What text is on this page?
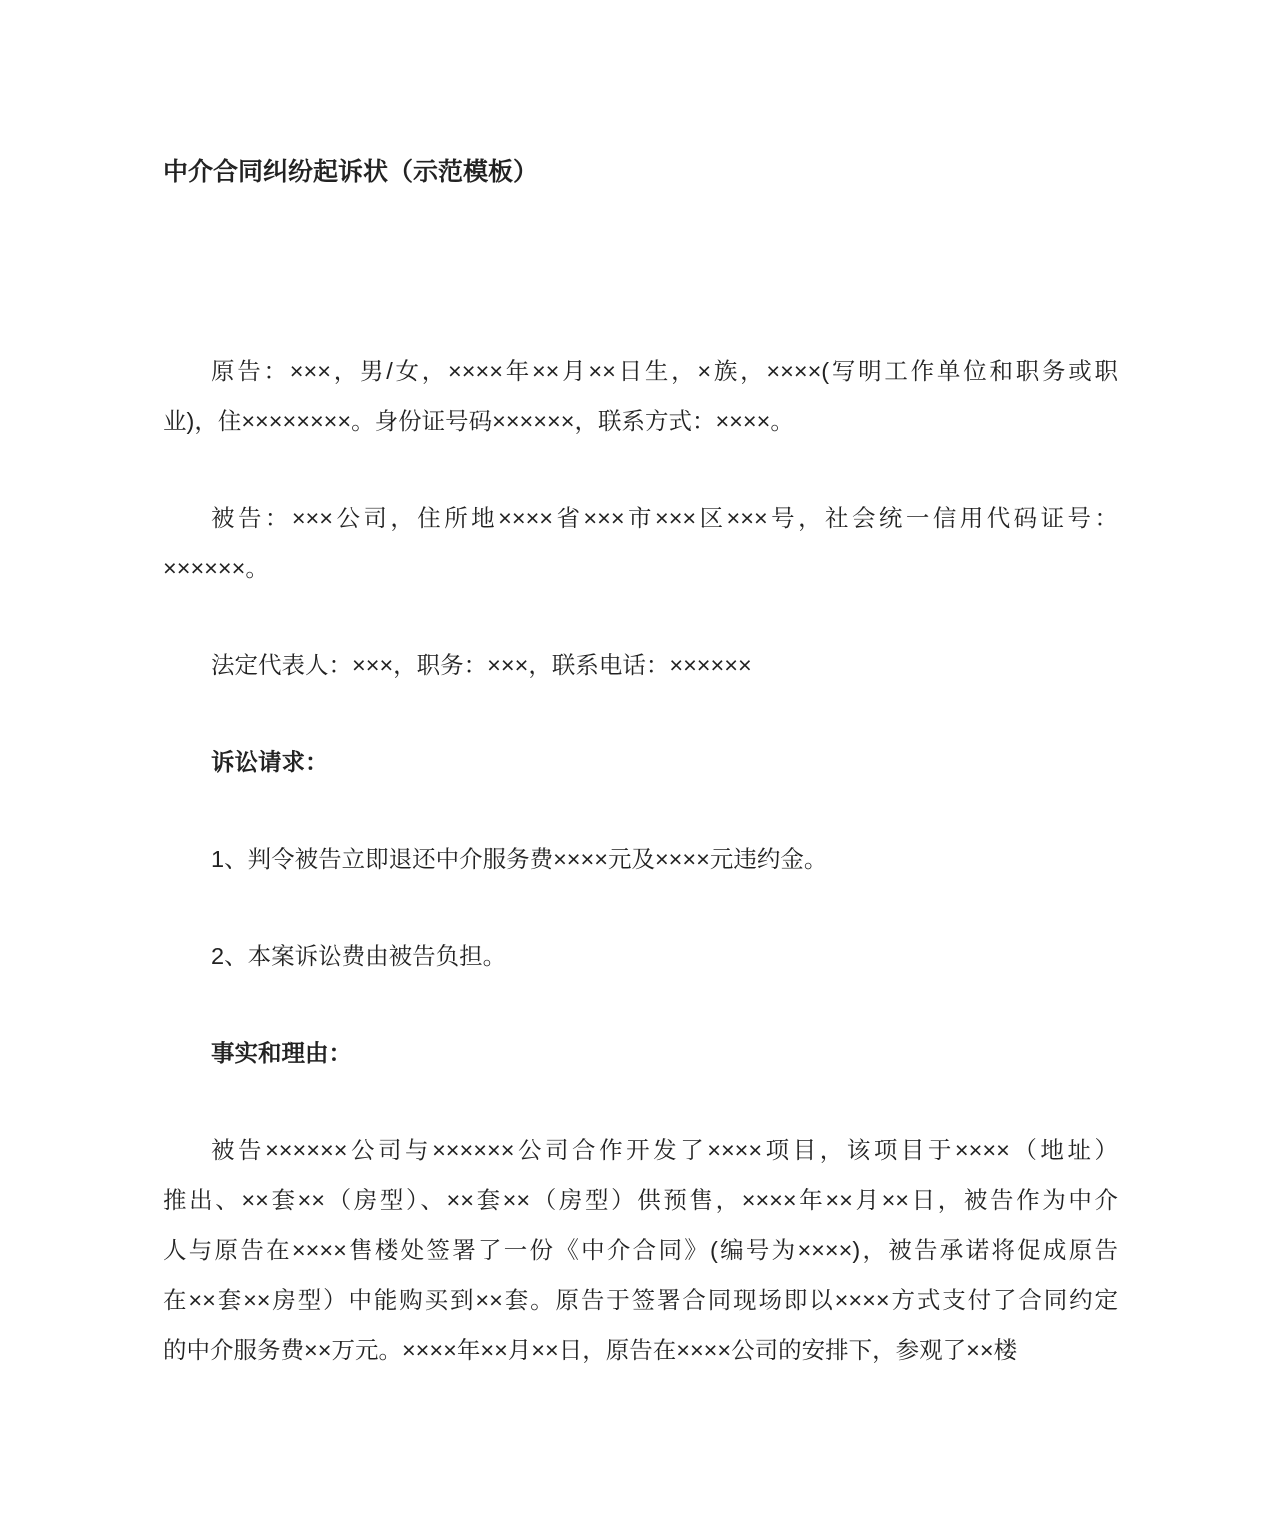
中介合同纠纷起诉状（示范模板）
原告：×××，男/女，××××年××月××日生，×族，××××(写明工作单位和职务或职
业)，住××××××××。身份证号码××××××，联系方式：××××。
被告：×××公司，住所地××××省×××市×××区×××号，社会统一信用代码证号：
××××××。
法定代表人：×××，职务：×××，联系电话：××××××
诉讼请求：
1、判令被告立即退还中介服务费××××元及××××元违约金。
2、本案诉讼费由被告负担。
事实和理由：
被告××××××公司与××××××公司合作开发了××××项目，该项目于××××（地址）
推出、××套××（房型）、××套××（房型）供预售，××××年××月××日，被告作为中介
人与原告在××××售楼处签署了一份《中介合同》(编号为××××)，被告承诺将促成原告
在××套××房型）中能购买到××套。原告于签署合同现场即以××××方式支付了合同约定
的中介服务费××万元。××××年××月××日，原告在××××公司的安排下，参观了××楼
